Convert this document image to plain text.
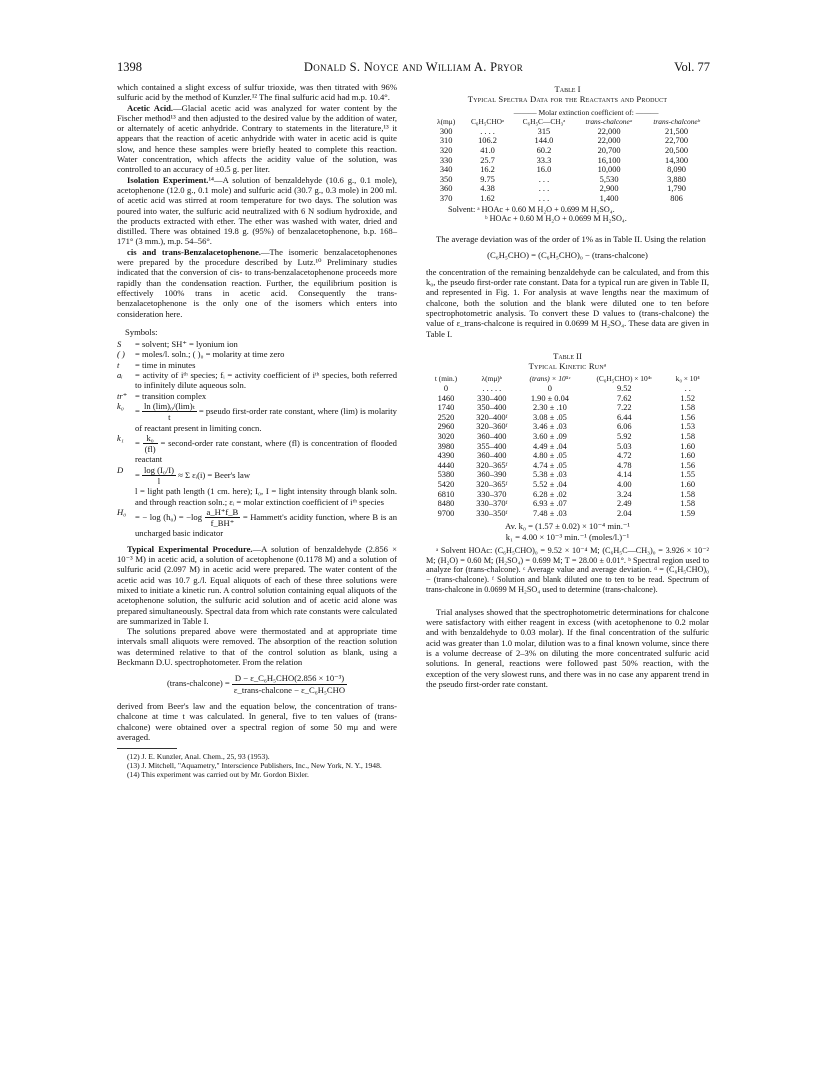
1398	Donald S. Noyce and William A. Pryor	Vol. 77

which contained a slight excess of sulfur trioxide, was then titrated with 96% sulfuric acid by the method of Kunzler.¹² The final sulfuric acid had m.p. 10.4°.

Acetic Acid.—Glacial acetic acid was analyzed for water content by the Fischer method¹³ and then adjusted to the desired value by the addition of water, or alternately of acetic anhydride. Contrary to statements in the literature,¹³ it appears that the reaction of acetic anhydride with water in acetic acid is quite slow, and hence these samples were briefly heated to complete this reaction. Water concentration, which affects the acidity value of the solution, was controlled to an accuracy of ±0.5 g. per liter.

Isolation Experiment.¹⁴—A solution of benzaldehyde (10.6 g., 0.1 mole), acetophenone (12.0 g., 0.1 mole) and sulfuric acid (30.7 g., 0.3 mole) in 200 ml. of acetic acid was stirred at room temperature for two days. The solution was poured into water, the sulfuric acid neutralized with 6 N sodium hydroxide, and the products extracted with ether. The ether was washed with water, dried and distilled. There was obtained 19.8 g. (95%) of benzalacetophenone, b.p. 168–171° (3 mm.), m.p. 54–56°.

cis and trans-Benzalacetophenone.—The isomeric benzalacetophenones were prepared by the procedure described by Lutz.¹⁰ Preliminary studies indicated that the conversion of cis- to trans-benzalacetophenone proceeds more rapidly than the condensation reaction. Further, the equilibrium position is effectively 100% trans in acetic acid. Consequently the trans-benzalacetophenone is the only one of the isomers which enters into consideration here.

Symbols:
S	= solvent; SH⁺ = lyonium ion
( )	= moles/l. soln.; ( )₀ = molarity at time zero
t	= time in minutes
aᵢ	= activity of iᵗʰ species; fᵢ = activity coefficient of iᵗʰ species, both referred to infinitely dilute aqueous soln.
tr⁺ = transition complex
k₀	= $\frac{\text{ln (lim)₀/(lim)ₜ}}{t}$ = pseudo first-order rate constant, where (lim) is molarity of reactant present in limiting concn.
k₁	= $\frac{\text{k₀}}{(fl)}$ = second-order rate constant, where (fl) is concentration of flooded reactant
D	= $\frac{\text{log (I₀/I)}}{l} \approx \Sigma$ εᵢ(i) = Beer's law
l = light path length (1 cm. here); I₀, I = light intensity through blank soln. and through reaction soln.; εᵢ = molar extinction coefficient of iᵗʰ species
H₀	= − $\log (h_0) = -\log \frac{a\_H^+f\_B}{f\_BH^+}$ = Hammett's acidity function, where B is an uncharged basic indicator

Typical Experimental Procedure.—A solution of benzaldehyde (2.856 × 10⁻³ M) in acetic acid, a solution of acetophenone (0.1178 M) and a solution of sulfuric acid (2.097 M) in acetic acid were prepared. The water content of the acetic acid was 10.7 g./l. Equal aliquots of each of these three solutions were mixed to initiate a kinetic run. A control solution containing equal aliquots of the acetophenone solution, the sulfuric acid solution and of acetic acid alone was prepared simultaneously. Spectral data from which rate constants were calculated are summarized in Table I.

The solutions prepared above were thermostated and at appropriate time intervals small aliquots were removed. The absorption of the reaction solution was determined relative to that of the control solution as blank, using a Beckmann D.U. spectrophotometer. From the relation

(trans-chalcone) = $\frac{\text{D − ε\_C₆H₅CHO(2.856 × 10⁻³)}}{\text{ε\_trans-chalcone − ε\_C₆H₅CHO}}$

derived from Beer's law and the equation below, the concentration of trans-chalcone at time t was calculated. In general, five to ten values of (trans-chalcone) were obtained over a spectral region of some 50 mμ and were averaged.

(12) J. E. Kunzler, Anal. Chem., 25, 93 (1953).

(13) J. Mitchell, "Aquametry," Interscience Publishers, Inc., New York, N. Y., 1948.

(14) This experiment was carried out by Mr. Gordon Bixler.

Table I
Typical Spectra Data for the Reactants and Product
	——— Molar extinction coefficient of: ———			
λ(mμ)	C₆H₅CHOᵃ	C₆H₅C—CH₃ᵃ	trans-chalconeᵃ	trans-chalconeᵇ
300	. . . .	315	22,000	21,500
310	106.2	144.0	22,000	22,700
320	41.0	60.2	20,700	20,500
330	25.7	33.3	16,100	14,300
340	16.2	16.0	10,000	8,090
350	9.75	. . .	5,530	3,880
360	4.38	. . .	2,900	1,790
370	1.62	. . .	1,400	806
Solvent: ᵃ HOAc + 0.60 M H₂O + 0.699 M H₂SO₄.
ᵇ HOAc + 0.60 M H₂O + 0.0699 M H₂SO₄.

The average deviation was of the order of 1% as in Table II. Using the relation

(C₆H₅CHO) = (C₆H₅CHO)₀ − (trans-chalcone)

the concentration of the remaining benzaldehyde can be calculated, and from this k₀, the pseudo first-order rate constant. Data for a typical run are given in Table II, and represented in Fig. 1. For analysis at wave lengths near the maximum of chalcone, both the solution and the blank were diluted one to ten before spectrophotometric analysis. To convert these D values to (trans-chalcone) the value of ε_trans-chalcone is required in 0.0699 M H₂SO₄. These data are given in Table I.

Table II
Typical Kinetic Runᵃ
t (min.)	λ(mμ)ᵇ	(trans) × 10⁵ᶜ	(C₆H₅CHO) × 10⁴ᶜ	k₀ × 10⁴
0	. . . . .	0	9.52	. .
1460	330–400	1.90 ± 0.04	7.62	1.52
1740	350–400	2.30 ± .10	7.22	1.58
2520	320–400ᶠ	3.08 ± .05	6.44	1.56
2960	320–360ᶠ	3.46 ± .03	6.06	1.53
3020	360–400	3.60 ± .09	5.92	1.58
3980	355–400	4.49 ± .04	5.03	1.60
4390	360–400	4.80 ± .05	4.72	1.60
4440	320–365ᶠ	4.74 ± .05	4.78	1.56
5380	360–390	5.38 ± .03	4.14	1.55
5420	320–365ᶠ	5.52 ± .04	4.00	1.60
6810	330–370	6.28 ± .02	3.24	1.58
8480	330–370ᶠ	6.93 ± .07	2.49	1.58
9700	330–350ᶠ	7.48 ± .03	2.04	1.59
Av. k₀ = (1.57 ± 0.02) × 10⁻⁴ min.⁻¹
k₁ = 4.00 × 10⁻³ min.⁻¹ (moles/l.)⁻¹

ᵃ Solvent HOAc: (C₆H₅CHO)₀ = 9.52 × 10⁻⁴ M; (C₆H₅C—CH₃)₀ = 3.926 × 10⁻² M; (H₂O) = 0.60 M; (H₂SO₄) = 0.699 M; T = 28.00 ± 0.01°. ᵇ Spectral region used to analyze for (trans-chalcone). ᶜ Average value and average deviation. ᵈ = (C₆H₅CHO)₀ − (trans-chalcone). ᶠ Solution and blank diluted one to ten to be read. Spectrum of trans-chalcone in 0.0699 M H₂SO₄ used to determine (trans-chalcone).

Trial analyses showed that the spectrophotometric determinations for chalcone were satisfactory with either reagent in excess (with acetophenone to 0.2 molar and with benzaldehyde to 0.03 molar). If the final concentration of the sulfuric acid was greater than 1.0 molar, dilution was to a final known volume, since there is a volume decrease of 2–3% on diluting the more concentrated sulfuric acid solutions. In general, reactions were followed past 50% reaction, with the exception of the very slowest runs, and there was in no case any apparent trend in the pseudo first-order rate constant.
